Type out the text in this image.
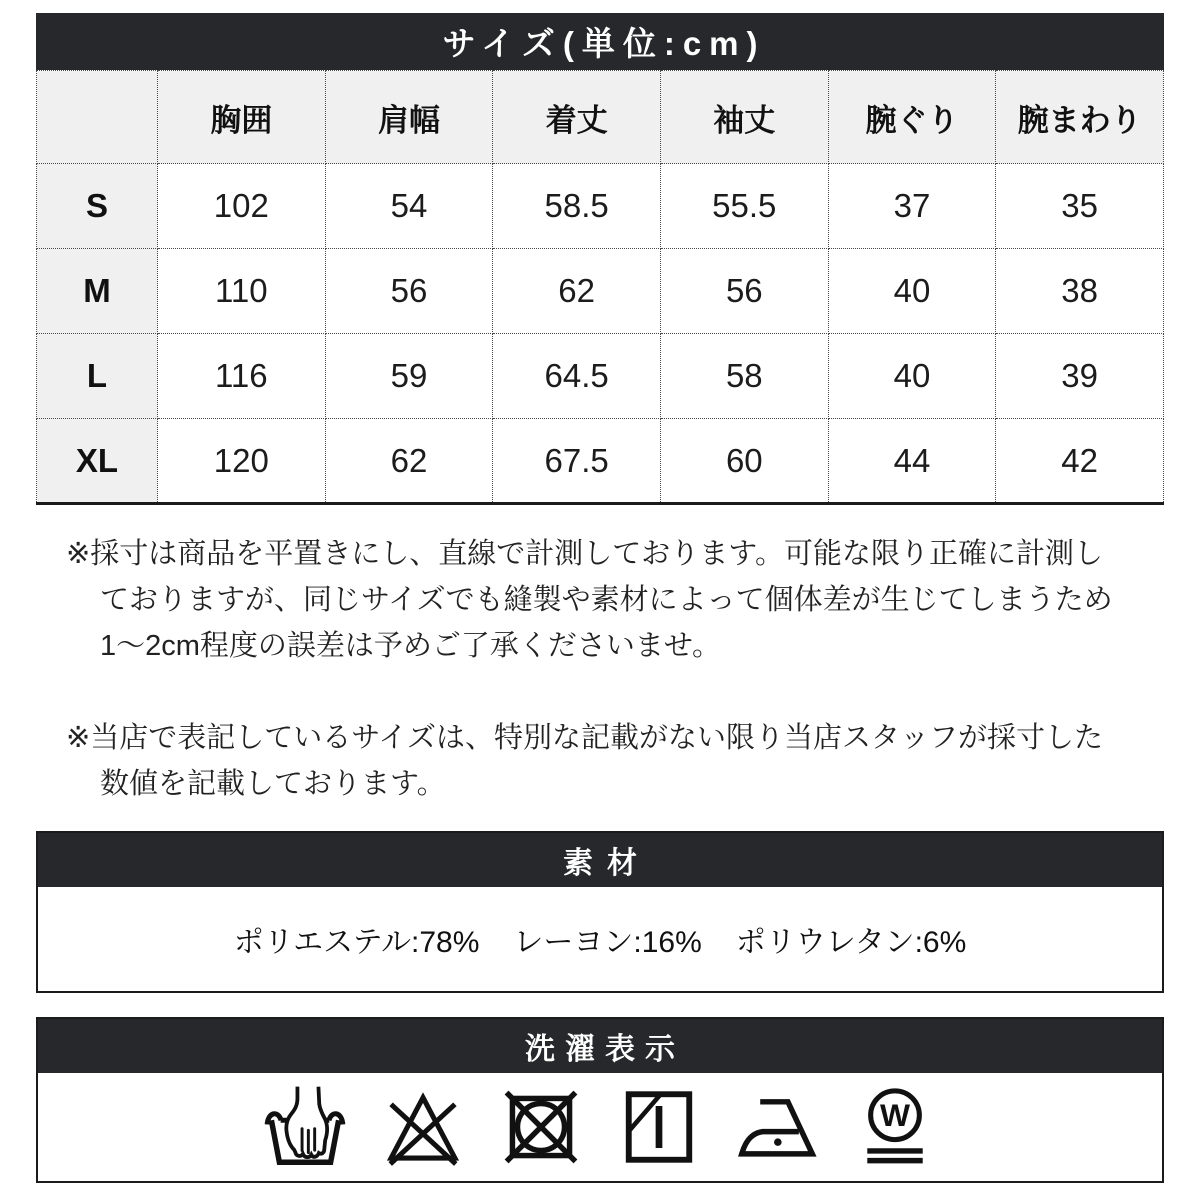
サイズ(単位:cm)
	胸囲	肩幅	着丈	袖丈	腕ぐり	腕まわり
S	102	54	58.5	55.5	37	35
M	110	56	62	56	40	38
L	116	59	64.5	58	40	39
XL	120	62	67.5	60	44	42
※採寸は商品を平置きにし、直線で計測しております。可能な限り正確に計測し
ておりますが、同じサイズでも縫製や素材によって個体差が生じてしまうため
1〜2cm程度の誤差は予めご了承くださいませ。
※当店で表記しているサイズは、特別な記載がない限り当店スタッフが採寸した
数値を記載しております。
素材
ポリエステル:78% レーヨン:16% ポリウレタン:6%
洗濯表示
W
